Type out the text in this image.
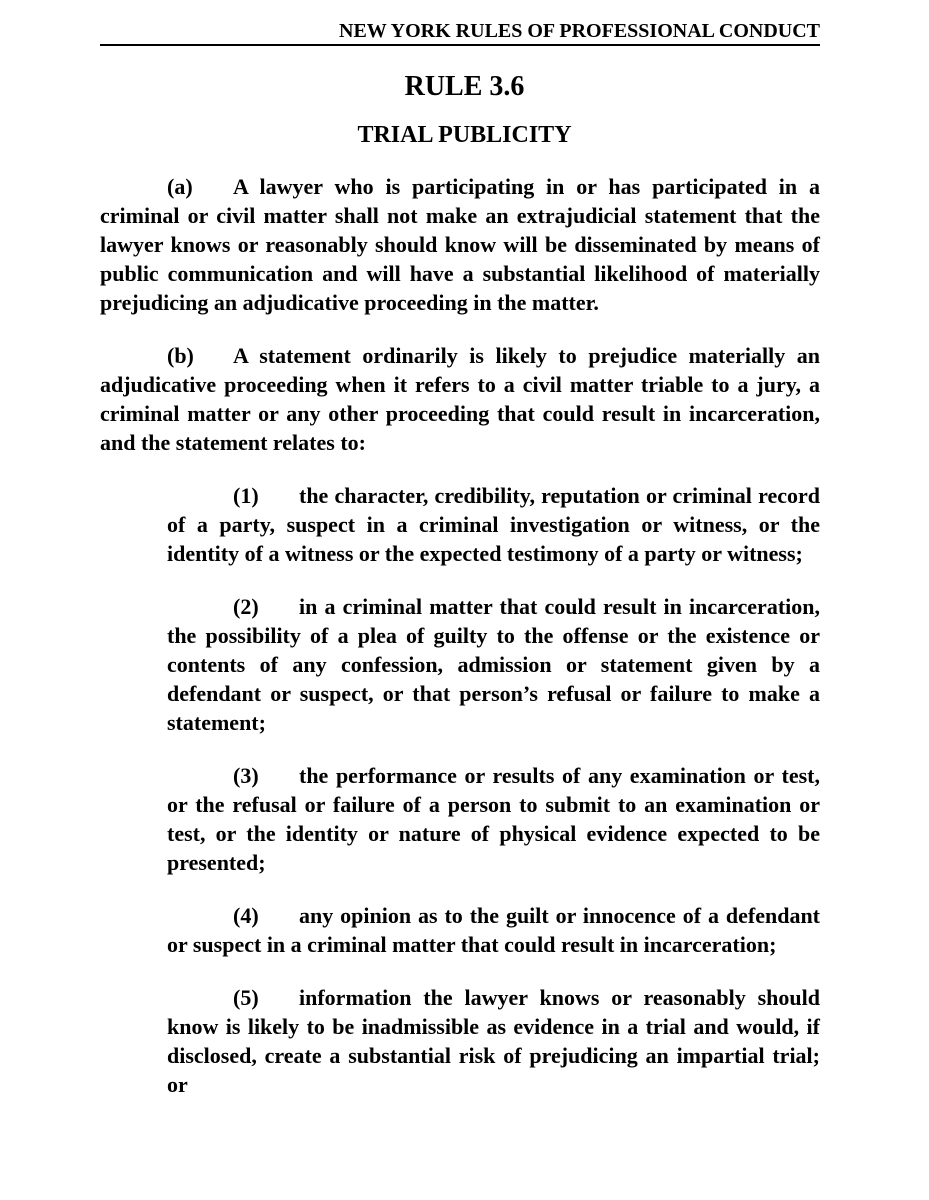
NEW YORK RULES OF PROFESSIONAL CONDUCT
RULE 3.6
TRIAL PUBLICITY

(a) A lawyer who is participating in or has participated in a criminal or civil matter shall not make an extrajudicial statement that the lawyer knows or reasonably should know will be disseminated by means of public communication and will have a substantial likelihood of materially prejudicing an adjudicative proceeding in the matter.

(b) A statement ordinarily is likely to prejudice materially an adjudicative proceeding when it refers to a civil matter triable to a jury, a criminal matter or any other proceeding that could result in incarceration, and the statement relates to:

(1) the character, credibility, reputation or criminal record of a party, suspect in a criminal investigation or witness, or the identity of a witness or the expected testimony of a party or witness;

(2) in a criminal matter that could result in incarceration, the possibility of a plea of guilty to the offense or the existence or contents of any confession, admission or statement given by a defendant or suspect, or that person’s refusal or failure to make a statement;

(3) the performance or results of any examination or test, or the refusal or failure of a person to submit to an examination or test, or the identity or nature of physical evidence expected to be presented;

(4) any opinion as to the guilt or innocence of a defendant or suspect in a criminal matter that could result in incarceration;

(5) information the lawyer knows or reasonably should know is likely to be inadmissible as evidence in a trial and would, if disclosed, create a substantial risk of prejudicing an impartial trial; or
